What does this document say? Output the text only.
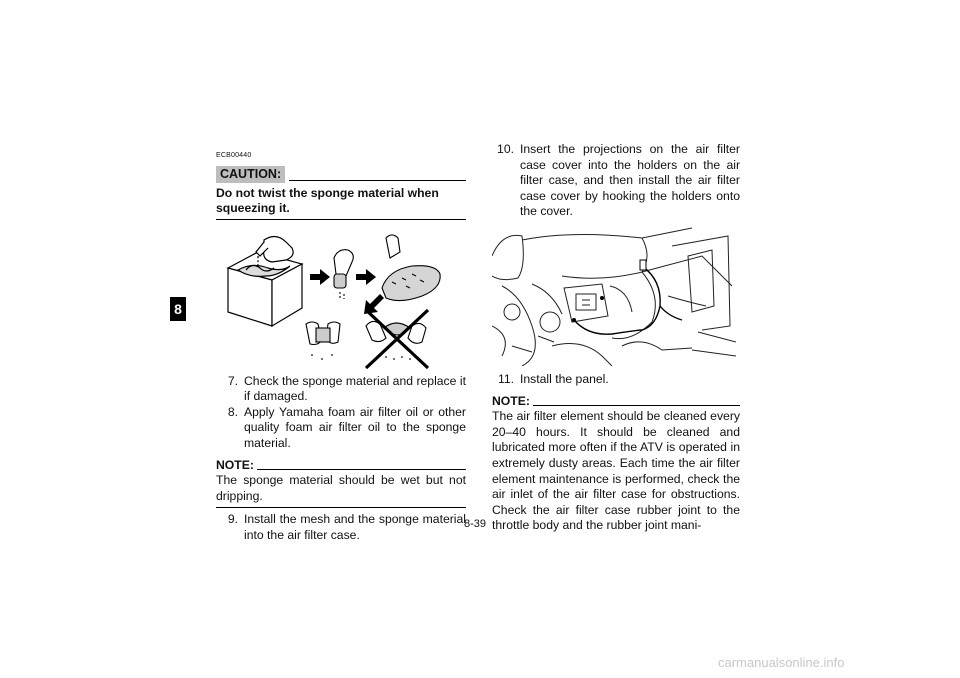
8
ECB00440
CAUTION:
Do not twist the sponge material when squeezing it.
7. Check the sponge material and replace it if damaged.
8. Apply Yamaha foam air filter oil or other quality foam air filter oil to the sponge material.
NOTE:

The sponge material should be wet but not dripping.

9. Install the mesh and the sponge material into the air filter case.
10. Insert the projections on the air filter case cover into the holders on the air filter case, and then install the air filter case cover by hooking the holders onto the cover.
11. Install the panel.
NOTE:

The air filter element should be cleaned every 20–40 hours. It should be cleaned and lubricated more often if the ATV is operated in extremely dusty areas. Each time the air filter element maintenance is performed, check the air inlet of the air filter case for obstructions. Check the air filter case rubber joint to the throttle body and the rubber joint mani-

8-39
carmanualsonline.info
